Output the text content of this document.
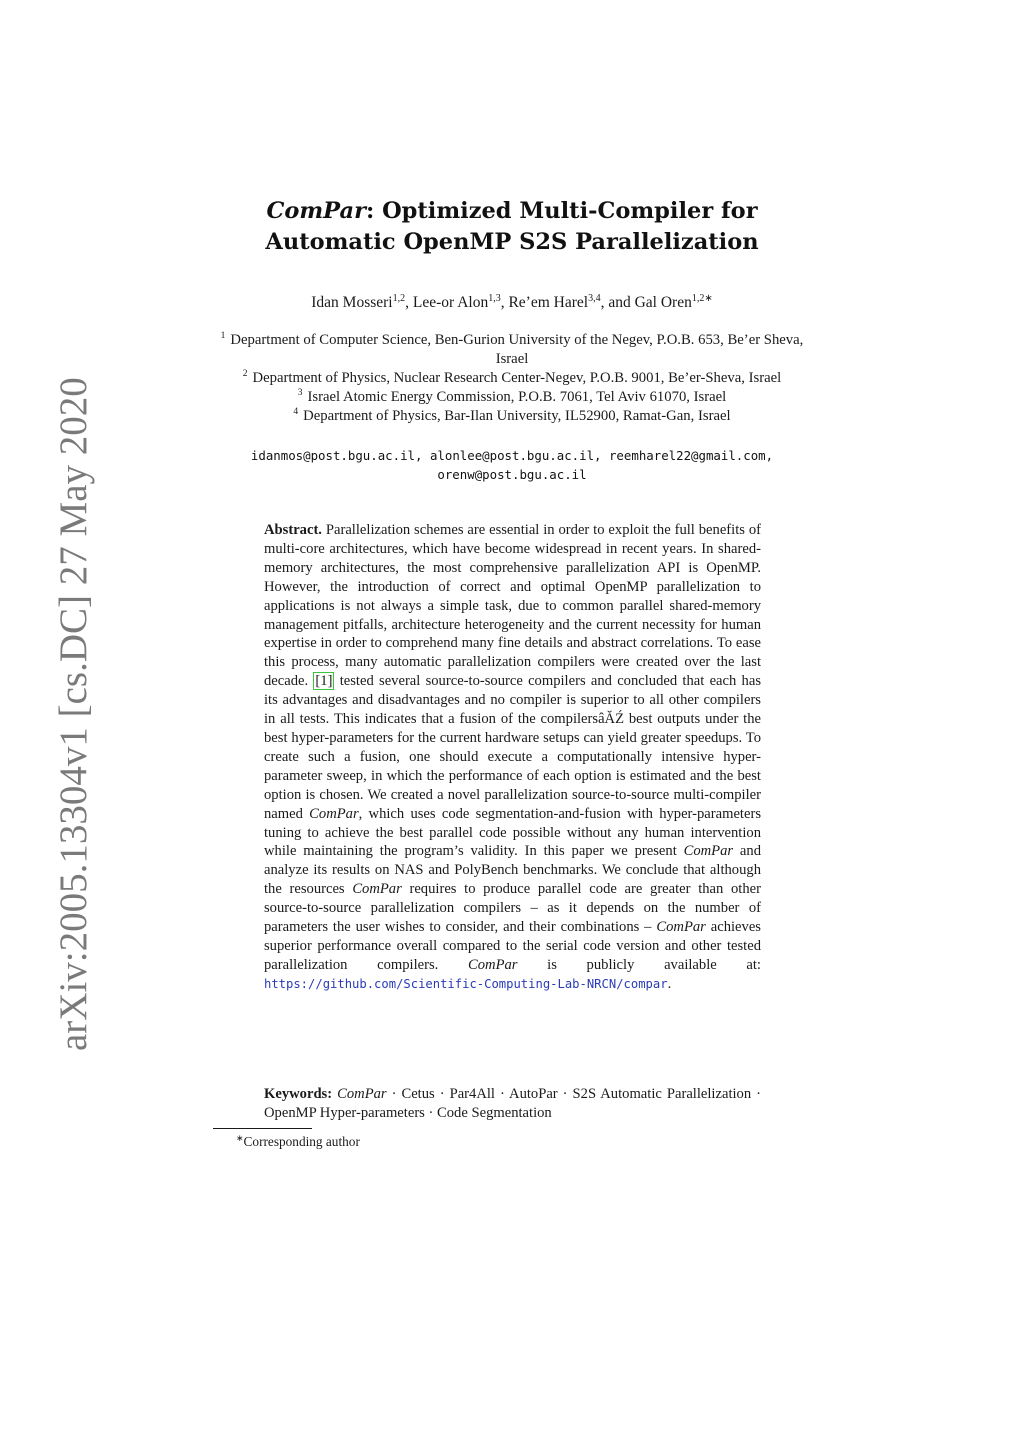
arXiv:2005.13304v1 [cs.DC] 27 May 2020
ComPar: Optimized Multi-Compiler for
Automatic OpenMP S2S Parallelization
Idan Mosseri$^{1,2}$, Lee-or Alon$^{1,3}$, Re’em Harel$^{3,4}$, and Gal Oren$^{1,2∗}$

$^1$ Department of Computer Science, Ben-Gurion University of the Negev, P.O.B. 653, Be’er Sheva, Israel

$^2$ Department of Physics, Nuclear Research Center-Negev, P.O.B. 9001, Be’er-Sheva, Israel

$^3$ Israel Atomic Energy Commission, P.O.B. 7061, Tel Aviv 61070, Israel

$^4$ Department of Physics, Bar-Ilan University, IL52900, Ramat-Gan, Israel

idanmos@post.bgu.ac.il, alonlee@post.bgu.ac.il, reemharel22@gmail.com,
orenw@post.bgu.ac.il
Abstract. Parallelization schemes are essential in order to exploit the full benefits of multi-core architectures, which have become widespread in recent years. In shared-memory architectures, the most comprehensive parallelization API is OpenMP. However, the introduction of correct and optimal OpenMP parallelization to applications is not always a simple task, due to common parallel shared-memory management pitfalls, architecture heterogeneity and the current necessity for human expertise in order to comprehend many fine details and abstract correlations. To ease this process, many automatic parallelization compilers were created over the last decade. [1] tested several source-to-source compilers and concluded that each has its advantages and disadvantages and no compiler is superior to all other compilers in all tests. This indicates that a fusion of the compilersâĂŹ best outputs under the best hyper-parameters for the current hardware setups can yield greater speedups. To create such a fusion, one should execute a computationally intensive hyper-parameter sweep, in which the performance of each option is estimated and the best option is chosen. We created a novel parallelization source-to-source multi-compiler named ComPar, which uses code segmentation-and-fusion with hyper-parameters tuning to achieve the best parallel code possible without any human intervention while maintaining the program’s validity. In this paper we present ComPar and analyze its results on NAS and PolyBench benchmarks. We conclude that although the resources ComPar requires to produce parallel code are greater than other source-to-source parallelization compilers – as it depends on the number of parameters the user wishes to consider, and their combinations – ComPar achieves superior performance overall compared to the serial code version and other tested parallelization compilers. ComPar is publicly available at: https://github.com/Scientific-Computing-Lab-NRCN/compar.
Keywords: ComPar · Cetus · Par4All · AutoPar · S2S Automatic Parallelization · OpenMP Hyper-parameters · Code Segmentation
∗Corresponding author
